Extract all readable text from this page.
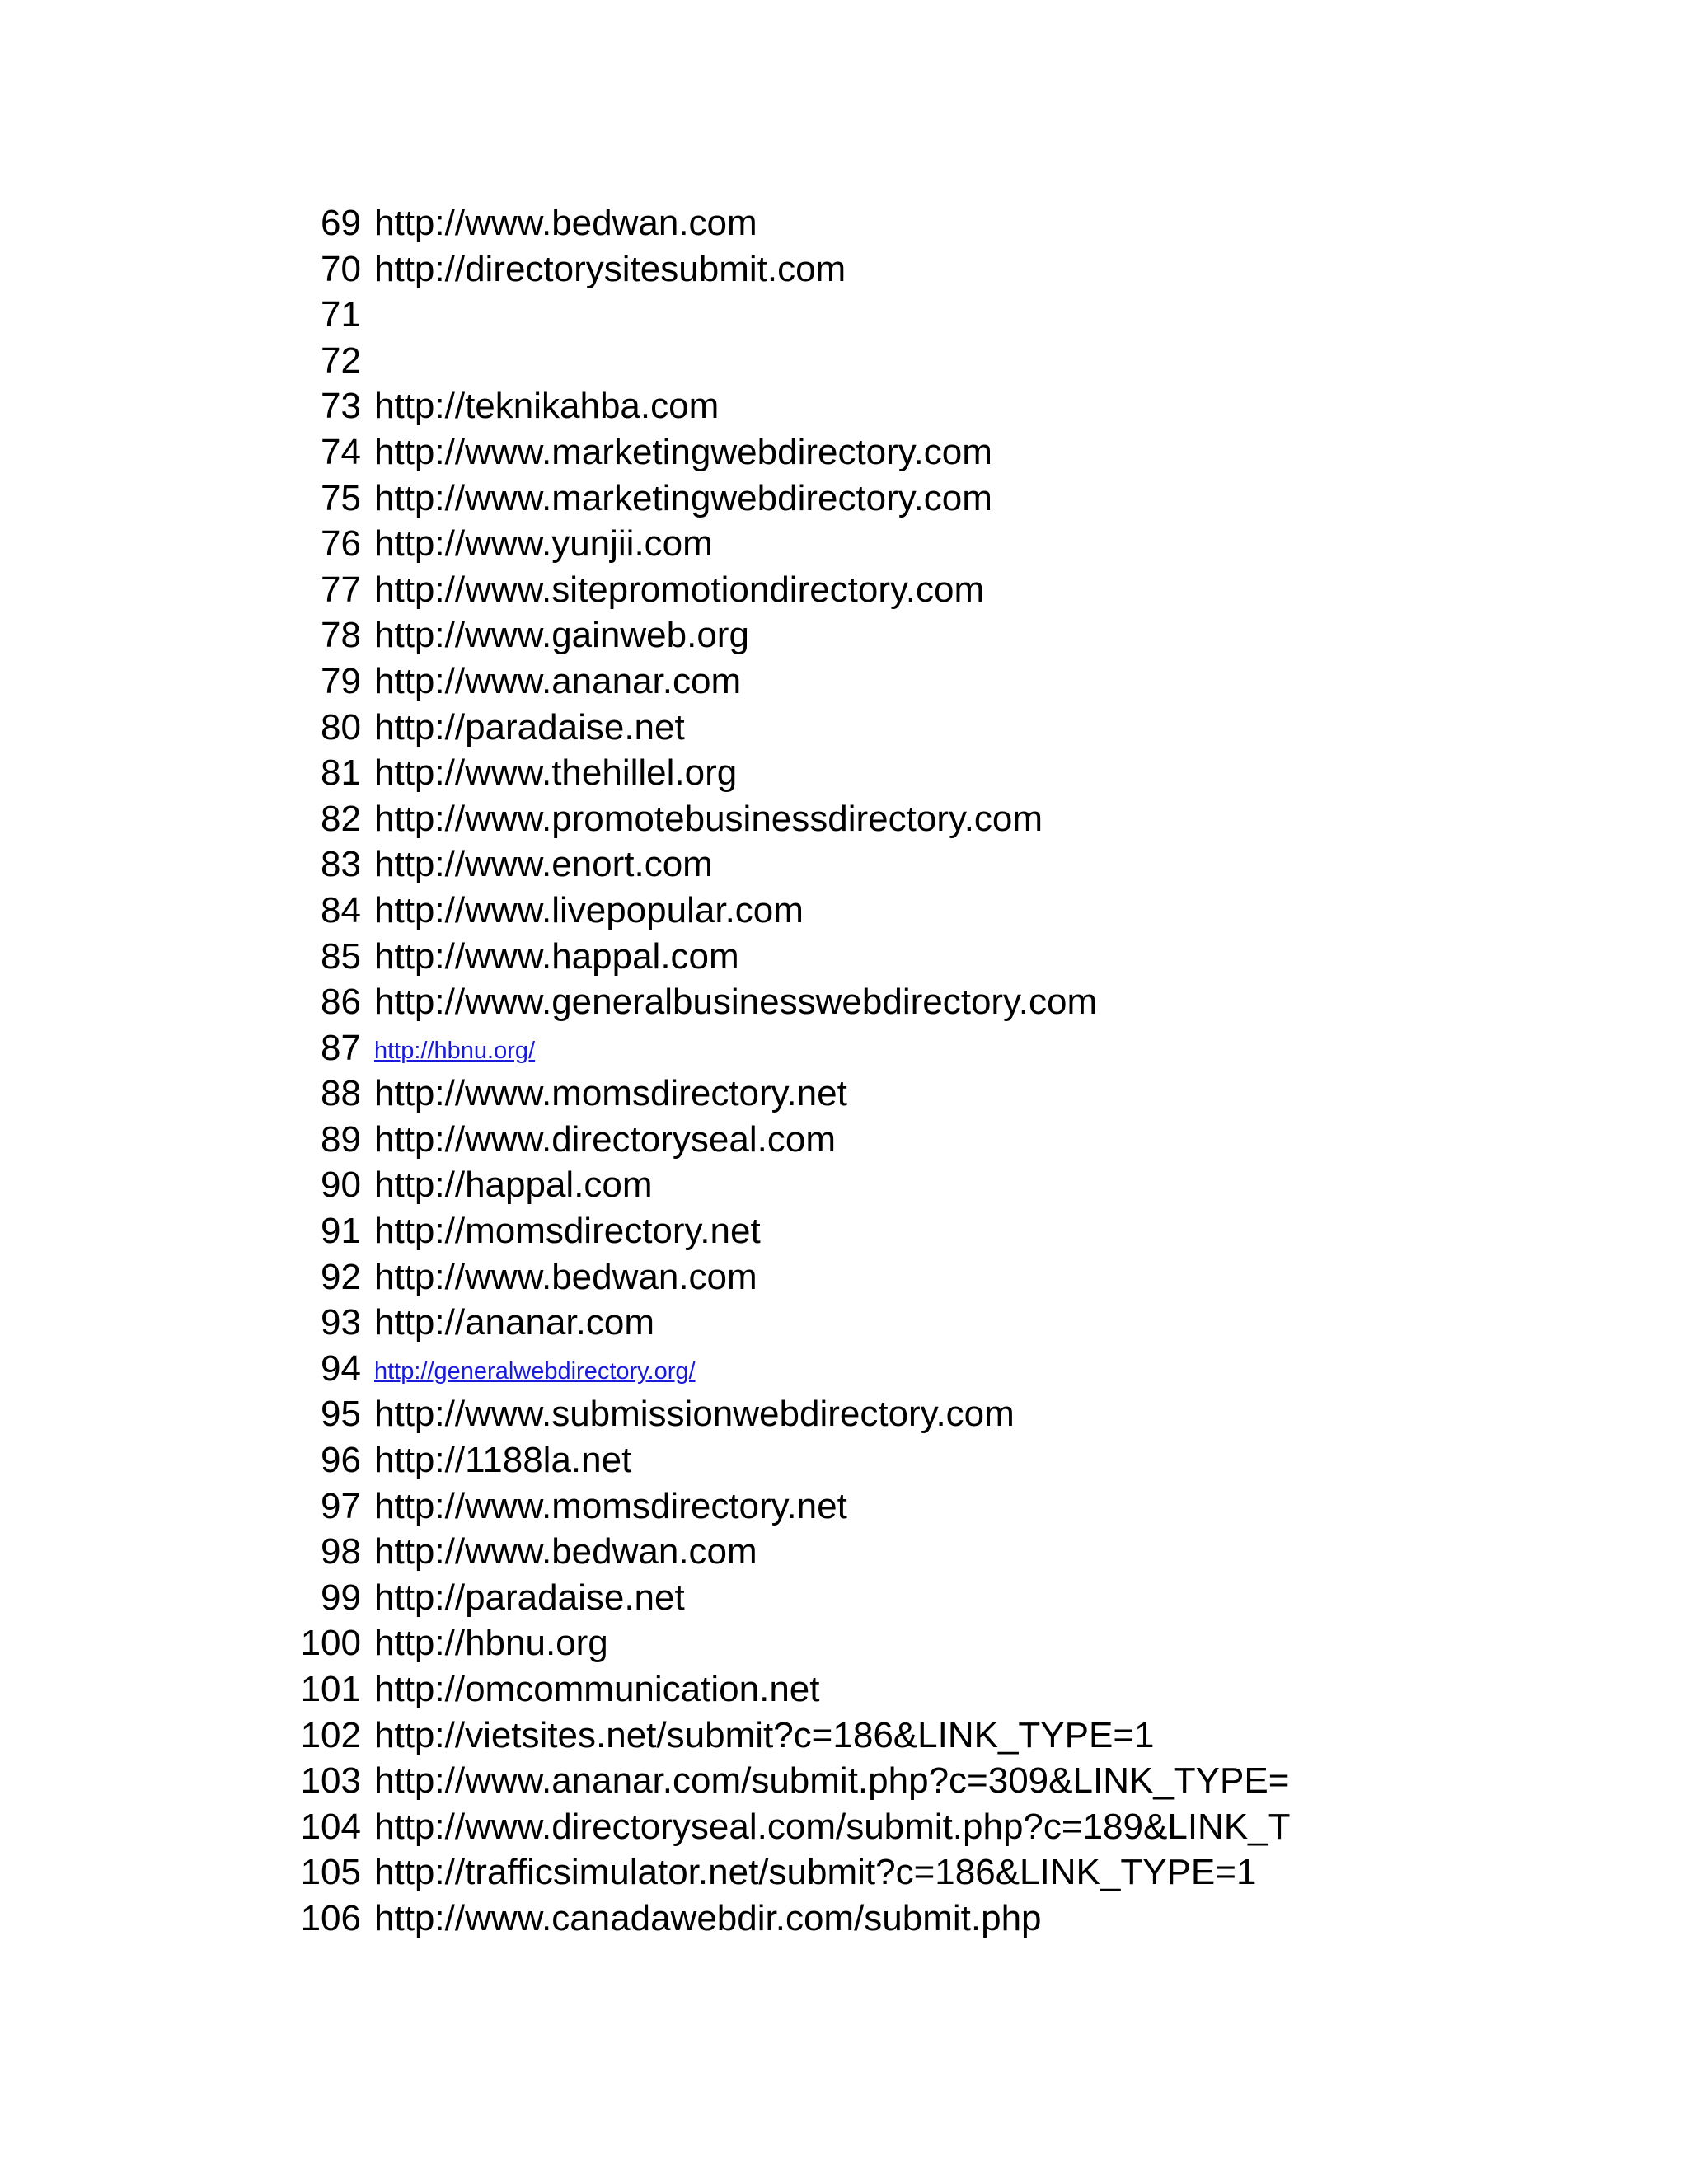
69 http://www.bedwan.com
70 http://directorysitesubmit.com
71
72
73 http://teknikahba.com
74 http://www.marketingwebdirectory.com
75 http://www.marketingwebdirectory.com
76 http://www.yunjii.com
77 http://www.sitepromotiondirectory.com
78 http://www.gainweb.org
79 http://www.ananar.com
80 http://paradaise.net
81 http://www.thehillel.org
82 http://www.promotebusinessdirectory.com
83 http://www.enort.com
84 http://www.livepopular.com
85 http://www.happal.com
86 http://www.generalbusinesswebdirectory.com
87 http://hbnu.org/
88 http://www.momsdirectory.net
89 http://www.directoryseal.com
90 http://happal.com
91 http://momsdirectory.net
92 http://www.bedwan.com
93 http://ananar.com
94 http://generalwebdirectory.org/
95 http://www.submissionwebdirectory.com
96 http://1188la.net
97 http://www.momsdirectory.net
98 http://www.bedwan.com
99 http://paradaise.net
100 http://hbnu.org
101 http://omcommunication.net
102 http://vietsites.net/submit?c=186&LINK_TYPE=1
103 http://www.ananar.com/submit.php?c=309&LINK_TYPE=
104 http://www.directoryseal.com/submit.php?c=189&LINK_T
105 http://trafficsimulator.net/submit?c=186&LINK_TYPE=1
106 http://www.canadawebdir.com/submit.php
